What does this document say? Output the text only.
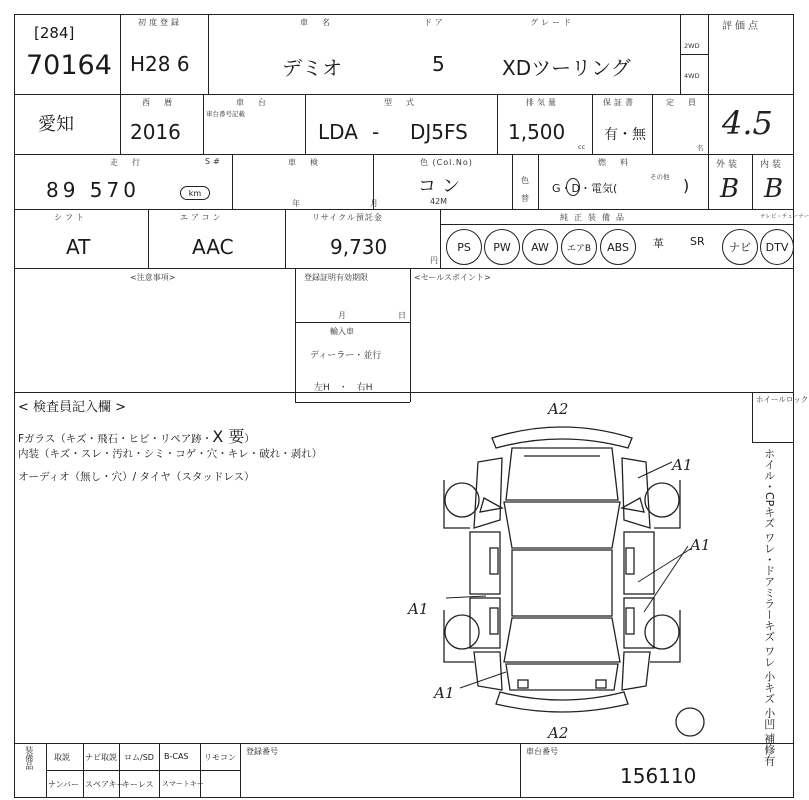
[284]
70164
初度登録
H28 6
車　名
デミオ
ドア
5
グレード
XDツーリング
2WD
4WD
評価点
愛知
西　暦
2016
車　台
車台番号記載
型　式
LDA - DJ5FS
排気量
1,500
cc
保証書
有・無
定　員
名
4.5
走　行
89 570	km
S#	車　検
年	月
色 (Col.No)
コン
42M
色替
燃　料
G・D・電気(
その他 )
外装
B
内装
B
シフト
AT
エアコン
AAC
リサイクル預託金
9,730
円
純正装備品	テレビ・チューナー
PS	PW	AW	エアB	ABS	革 SR	ナビ	DTV
<注意事項>	登録証明有効期限
月	日
輸入車
ディーラー・並行
左H　・　右H
<セールスポイント>
< 検査員記入欄 >
Fガラス（キズ・飛石・ヒビ・リペア跡・X 要）
内装（キズ・スレ・汚れ・シミ・コゲ・穴・キレ・破れ・剥れ）
オーディオ（無し・穴）/ タイヤ（スタッドレス）
ホイールロック
ホイル・CPキズ ワレ・ドアミラーキズ ワレ 小キズ 小凹 補修有
A2
A2
A1
A1
A1
A1
装備品	取説 ナビ取説 ロム/SD B-CAS リモコン
ナンバー スペアキー
キーレス スマートキー
登録番号	車台番号
156110
